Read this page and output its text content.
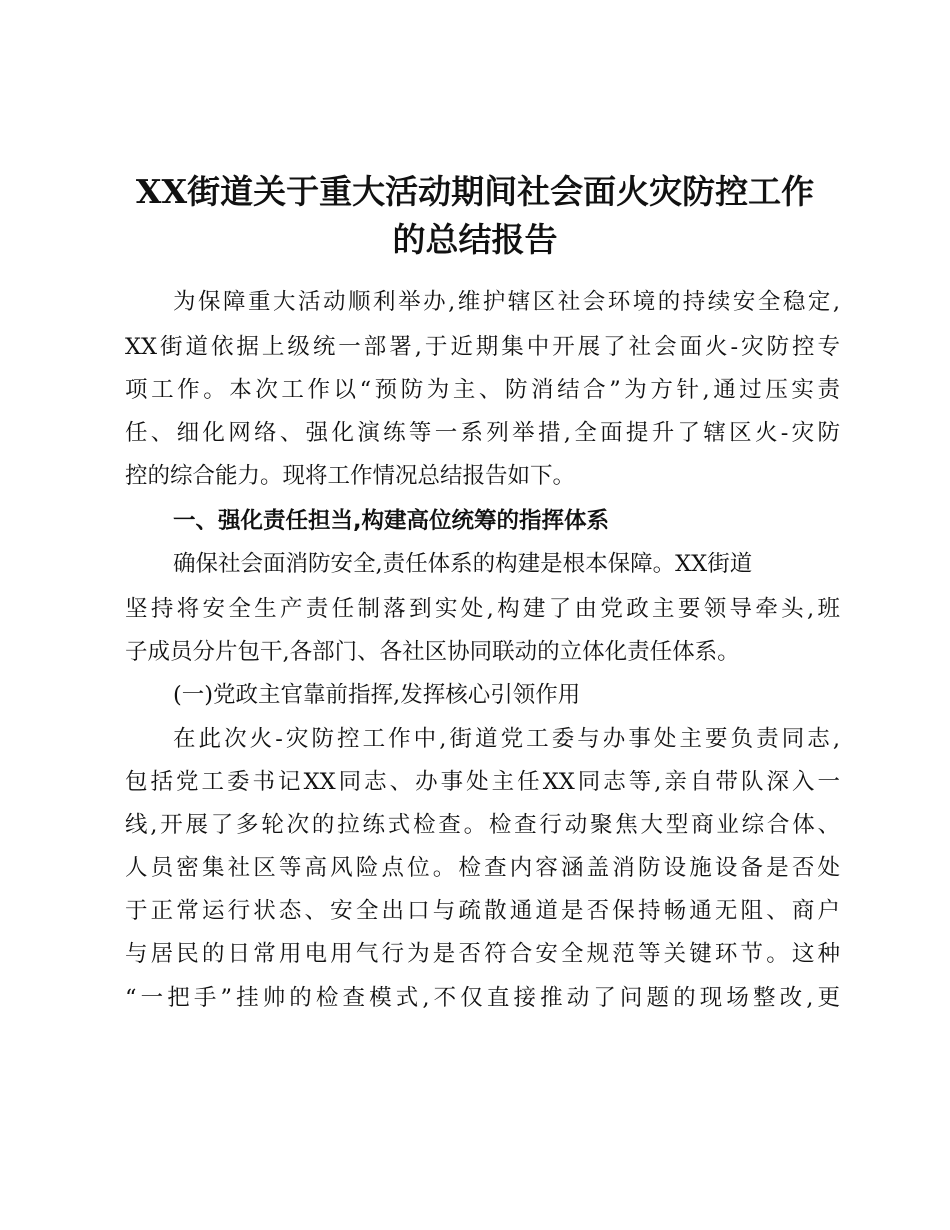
XX街道关于重大活动期间社会面火灾防控工作
的总结报告
为保障重大活动顺利举办,维护辖区社会环境的持续安全稳定,
XX街道依据上级统一部署,于近期集中开展了社会面火-灾防控专
项工作。本次工作以“预防为主、防消结合”为方针,通过压实责
任、细化网络、强化演练等一系列举措,全面提升了辖区火-灾防
控的综合能力。现将工作情况总结报告如下。
一、强化责任担当,构建高位统筹的指挥体系
确保社会面消防安全,责任体系的构建是根本保障。XX街道
坚持将安全生产责任制落到实处,构建了由党政主要领导牵头,班
子成员分片包干,各部门、各社区协同联动的立体化责任体系。
(一)党政主官靠前指挥,发挥核心引领作用
在此次火-灾防控工作中,街道党工委与办事处主要负责同志,
包括党工委书记XX同志、办事处主任XX同志等,亲自带队深入一
线,开展了多轮次的拉练式检查。检查行动聚焦大型商业综合体、
人员密集社区等高风险点位。检查内容涵盖消防设施设备是否处
于正常运行状态、安全出口与疏散通道是否保持畅通无阻、商户
与居民的日常用电用气行为是否符合安全规范等关键环节。这种
“一把手”挂帅的检查模式,不仅直接推动了问题的现场整改,更
